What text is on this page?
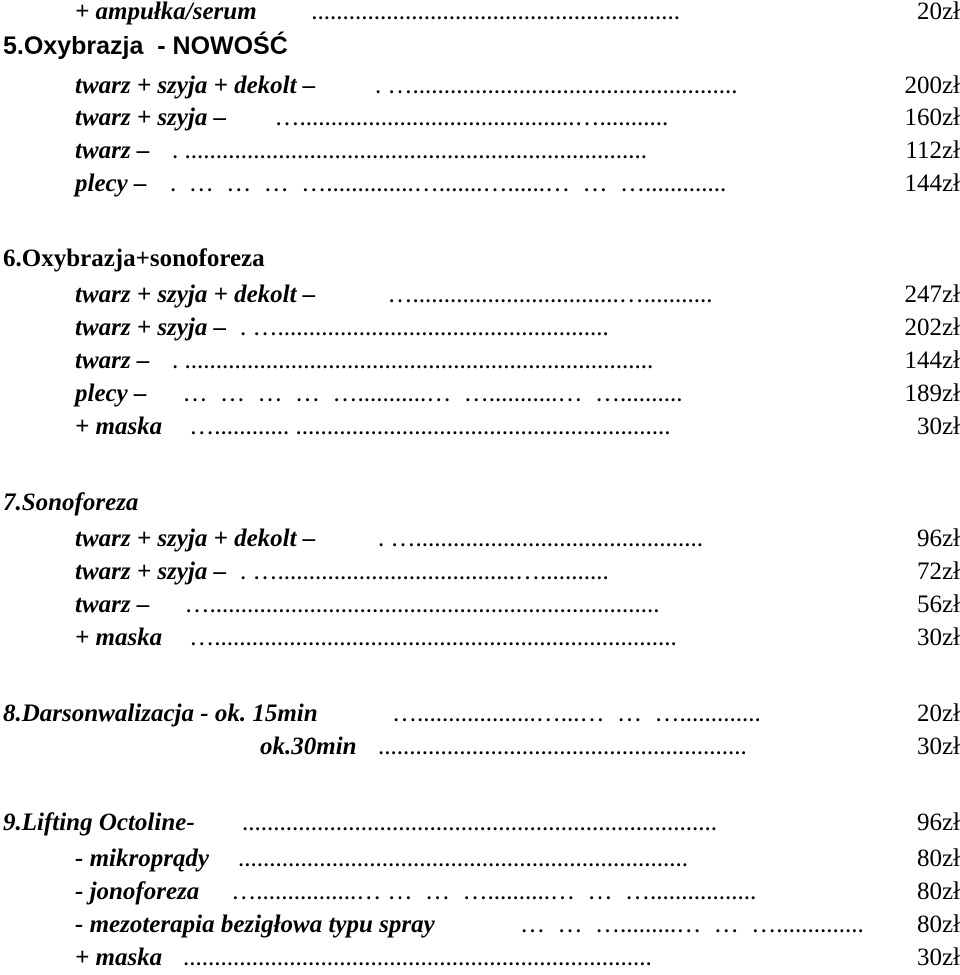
+ ampułka/serum ...........................................................	20zł
5.Oxybrazja  - NOWOŚĆ
twarz + szyja + dekolt – . …....................................................	200zł
twarz + szyja – …............................................…...........	160zł
twarz – . ..........................................................................	112zł
plecy – .  …  …  …  …..............….......…......…  …  ….............	144zł
6.Oxybrazja+sonoforeza
twarz + szyja + dekolt – ….................................…...........	247zł
twarz + szyja – . ….....................................................	202zł
twarz – . ...........................................................................	144zł
plecy – …  …  …  …  …...........…  …...........…  …..........	189zł
+ maska …............ ............................................................	30zł
7.Sonoforeza
twarz + szyja + dekolt –	. …..............................................	96zł
twarz + szyja – . …......................................…...........	72zł
twarz – …........................................................................	56zł
+ maska …..........................................................................	30zł
8.Darsonwalizacja - ok. 15min	…...................…...…  …  ….............	20zł
ok.30min ...........................................................	30zł
9.Lifting Octoline- ............................................................................	96zł
- mikroprądy ........................................................................	80zł
- jonoforeza …................… …  …  …..........…  …  ….................	80zł
- mezoterapia bezigłowa typu spray	…  …  ….........…  …  …..............	80zł
+ maska ...........................................................................	30zł
